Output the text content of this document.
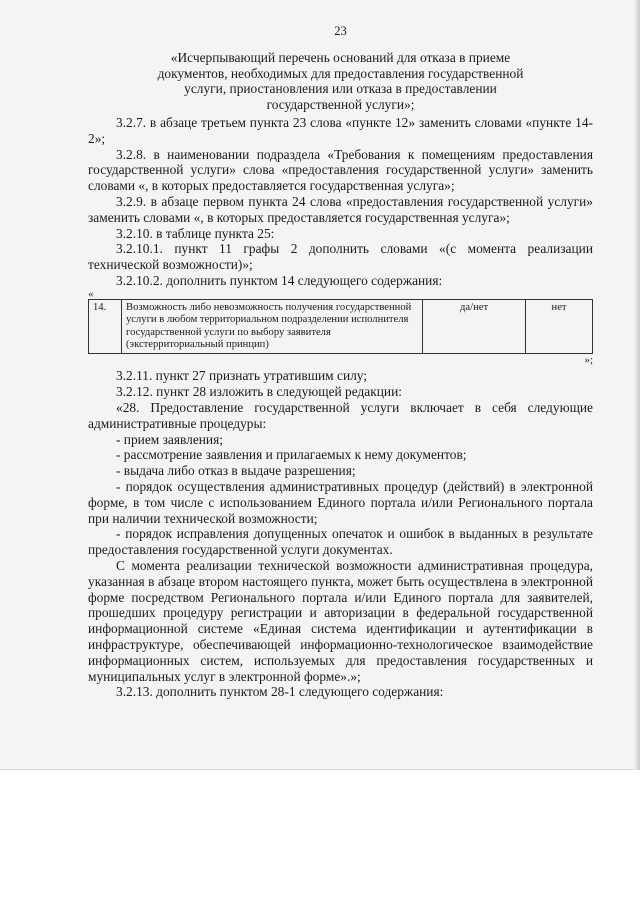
23
«Исчерпывающий перечень оснований для отказа в приеме
документов, необходимых для предоставления государственной
услуги, приостановления или отказа в предоставлении
государственной услуги»;

3.2.7. в абзаце третьем пункта 23 слова «пункте 12» заменить словами «пункте 14-2»;

3.2.8. в наименовании подраздела «Требования к помещениям предоставления государственной услуги» слова «предоставления государственной услуги» заменить словами «, в которых предоставляется государственная услуга»;

3.2.9. в абзаце первом пункта 24 слова «предоставления государственной услуги» заменить словами «, в которых предоставляется государственная услуга»;

3.2.10. в таблице пункта 25:

3.2.10.1. пункт 11 графы 2 дополнить словами «(с момента реализации технической возможности)»;

3.2.10.2. дополнить пунктом 14 следующего содержания:

«
14.	Возможность либо невозможность получения государственной услуги в любом территориальном подразделении исполнителя государственной услуги по выбору заявителя (экстерриториальный принцип)	да/нет	нет
»;

3.2.11. пункт 27 признать утратившим силу;

3.2.12. пункт 28 изложить в следующей редакции:

«28. Предоставление государственной услуги включает в себя следующие административные процедуры:

- прием заявления;

- рассмотрение заявления и прилагаемых к нему документов;

- выдача либо отказ в выдаче разрешения;

- порядок осуществления административных процедур (действий) в электронной форме, в том числе с использованием Единого портала и/или Регионального портала при наличии технической возможности;

- порядок исправления допущенных опечаток и ошибок в выданных в результате предоставления государственной услуги документах.

С момента реализации технической возможности административная процедура, указанная в абзаце втором настоящего пункта, может быть осуществлена в электронной форме посредством Регионального портала и/или Единого портала для заявителей, прошедших процедуру регистрации и авторизации в федеральной государственной информационной системе «Единая система идентификации и аутентификации в инфраструктуре, обеспечивающей информационно-технологическое взаимодействие информационных систем, используемых для предоставления государственных и муниципальных услуг в электронной форме».»;

3.2.13. дополнить пунктом 28-1 следующего содержания:
